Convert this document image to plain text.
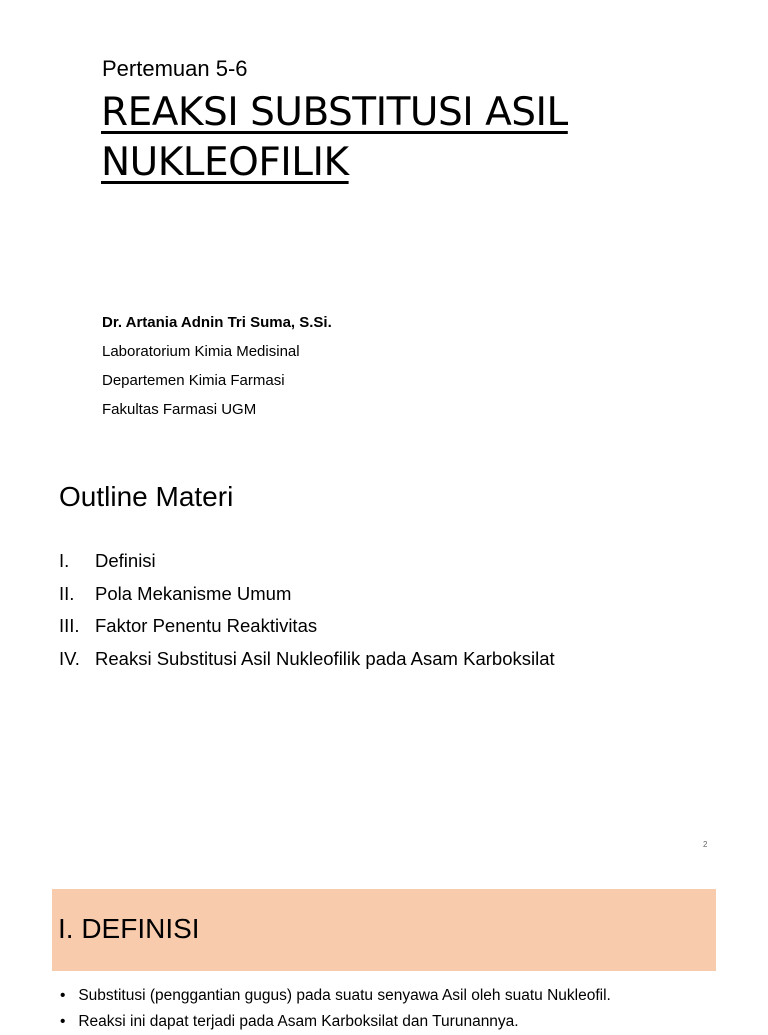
Pertemuan 5-6
REAKSI SUBSTITUSI ASIL
NUKLEOFILIK
Dr. Artania Adnin Tri Suma, S.Si.
Laboratorium Kimia Medisinal
Departemen Kimia Farmasi
Fakultas Farmasi UGM
Outline Materi
I.	Definisi
II.	Pola Mekanisme Umum
III. Faktor Penentu Reaktivitas
IV. Reaksi Substitusi Asil Nukleofilik pada Asam Karboksilat
2
I. DEFINISI
• Substitusi (penggantian gugus) pada suatu senyawa Asil oleh suatu Nukleofil.
• Reaksi ini dapat terjadi pada Asam Karboksilat dan Turunannya.
